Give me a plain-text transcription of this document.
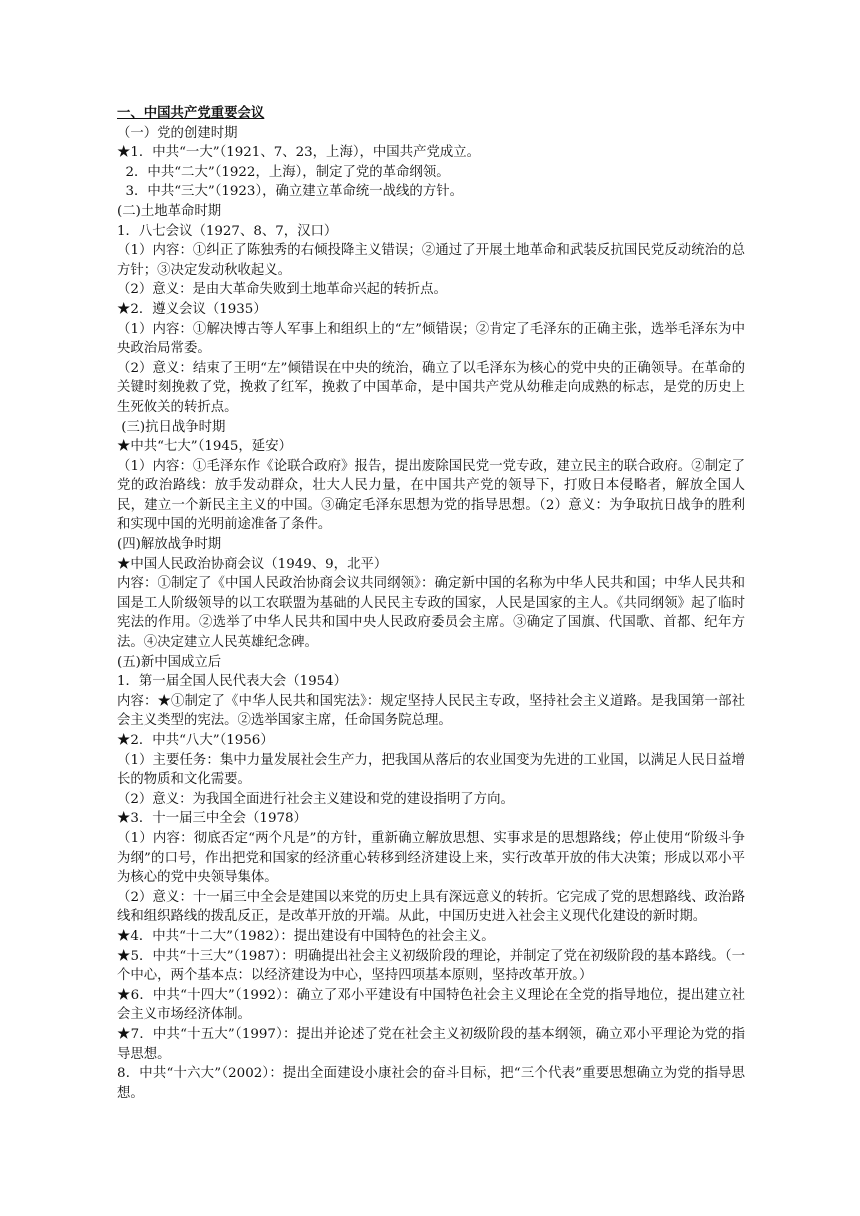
一、中国共产党重要会议
（一）党的创建时期
★1．中共“一大”（1921、7、23，上海），中国共产党成立。
2．中共“二大”（1922，上海），制定了党的革命纲领。
3．中共“三大”（1923），确立建立革命统一战线的方针。
(二)土地革命时期
1．八七会议（1927、8、7，汉口）
（1）内容：①纠正了陈独秀的右倾投降主义错误；②通过了开展土地革命和武装反抗国民党反动统治的总方针；③决定发动秋收起义。
（2）意义：是由大革命失败到土地革命兴起的转折点。
★2．遵义会议（1935）
（1）内容：①解决博古等人军事上和组织上的“左”倾错误；②肯定了毛泽东的正确主张，选举毛泽东为中央政治局常委。
（2）意义：结束了王明“左”倾错误在中央的统治，确立了以毛泽东为核心的党中央的正确领导。在革命的关键时刻挽救了党，挽救了红军，挽救了中国革命，是中国共产党从幼稚走向成熟的标志，是党的历史上生死攸关的转折点。
(三)抗日战争时期
★中共“七大”（1945，延安）
（1）内容：①毛泽东作《论联合政府》报告，提出废除国民党一党专政，建立民主的联合政府。②制定了党的政治路线：放手发动群众，壮大人民力量，在中国共产党的领导下，打败日本侵略者，解放全国人民，建立一个新民主主义的中国。③确定毛泽东思想为党的指导思想。（2）意义：为争取抗日战争的胜利和实现中国的光明前途准备了条件。
(四)解放战争时期
★中国人民政治协商会议（1949、9，北平）
内容：①制定了《中国人民政治协商会议共同纲领》：确定新中国的名称为中华人民共和国；中华人民共和国是工人阶级领导的以工农联盟为基础的人民民主专政的国家，人民是国家的主人。《共同纲领》起了临时宪法的作用。②选举了中华人民共和国中央人民政府委员会主席。③确定了国旗、代国歌、首都、纪年方法。④决定建立人民英雄纪念碑。
(五)新中国成立后
1．第一届全国人民代表大会（1954）
内容：★①制定了《中华人民共和国宪法》：规定坚持人民民主专政，坚持社会主义道路。是我国第一部社会主义类型的宪法。②选举国家主席，任命国务院总理。
★2．中共“八大”（1956）
（1）主要任务：集中力量发展社会生产力，把我国从落后的农业国变为先进的工业国，以满足人民日益增长的物质和文化需要。
（2）意义：为我国全面进行社会主义建设和党的建设指明了方向。
★3．十一届三中全会（1978）
（1）内容：彻底否定“两个凡是”的方针，重新确立解放思想、实事求是的思想路线；停止使用“阶级斗争为纲”的口号，作出把党和国家的经济重心转移到经济建设上来，实行改革开放的伟大决策；形成以邓小平为核心的党中央领导集体。
（2）意义：十一届三中全会是建国以来党的历史上具有深远意义的转折。它完成了党的思想路线、政治路线和组织路线的拨乱反正，是改革开放的开端。从此，中国历史进入社会主义现代化建设的新时期。
★4．中共“十二大”（1982）：提出建设有中国特色的社会主义。
★5．中共“十三大”（1987）：明确提出社会主义初级阶段的理论，并制定了党在初级阶段的基本路线。（一个中心，两个基本点：以经济建设为中心，坚持四项基本原则，坚持改革开放。）
★6．中共“十四大”（1992）：确立了邓小平建设有中国特色社会主义理论在全党的指导地位，提出建立社会主义市场经济体制。
★7．中共“十五大”（1997）：提出并论述了党在社会主义初级阶段的基本纲领，确立邓小平理论为党的指导思想。
8．中共“十六大”（2002）：提出全面建设小康社会的奋斗目标，把“三个代表”重要思想确立为党的指导思想。
